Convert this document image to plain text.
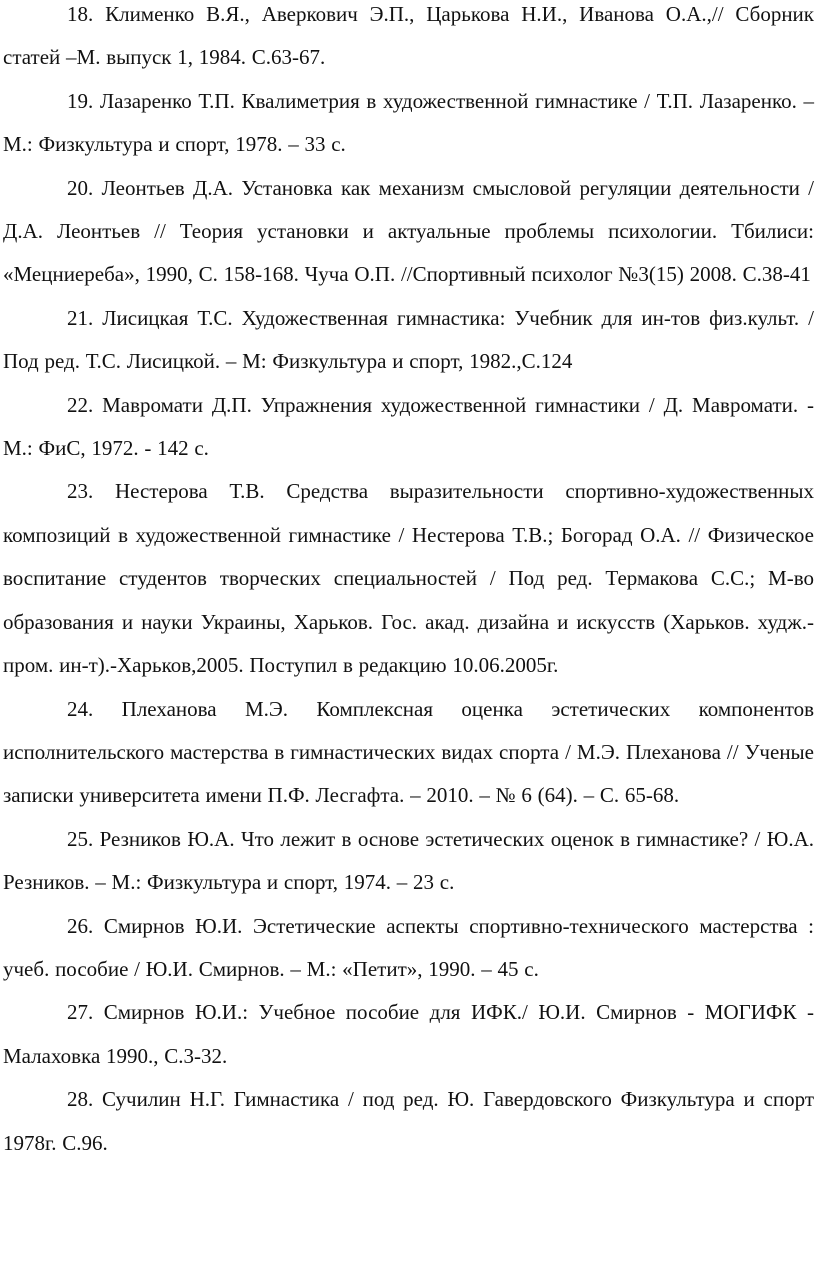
18. Клименко В.Я., Аверкович Э.П., Царькова Н.И., Иванова О.А.,// Сборник статей –М. выпуск 1, 1984. С.63-67.

19. Лазаренко Т.П. Квалиметрия в художественной гимнастике / Т.П. Лазаренко. – М.: Физкультура и спорт, 1978. – 33 с.

20. Леонтьев Д.А. Установка как механизм смысловой регуляции деятельности / Д.А. Леонтьев // Теория установки и актуальные проблемы психологии. Тбилиси: «Мецниереба», 1990, С. 158-168. Чуча О.П. //Спортивный психолог №3(15) 2008. С.38-41

21. Лисицкая Т.С. Художественная гимнастика: Учебник для ин-тов физ.культ. / Под ред. Т.С. Лисицкой. – М: Физкультура и спорт, 1982.,С.124

22. Мавромати Д.П. Упражнения художественной гимнастики / Д. Мавромати. - М.: ФиС, 1972. - 142 с.

23. Нестерова Т.В. Средства выразительности спортивно-художественных композиций в художественной гимнастике / Нестерова Т.В.; Богорад О.А. // Физическое воспитание студентов творческих специальностей / Под ред. Термакова С.С.; М-во образования и науки Украины, Харьков. Гос. акад. дизайна и искусств (Харьков. худж.-пром. ин-т).-Харьков,2005. Поступил в редакцию 10.06.2005г.

24. Плеханова М.Э. Комплексная оценка эстетических компонентов исполнительского мастерства в гимнастических видах спорта / М.Э. Плеханова // Ученые записки университета имени П.Ф. Лесгафта. – 2010. – № 6 (64). – С. 65-68.

25. Резников Ю.А. Что лежит в основе эстетических оценок в гимнастике? / Ю.А. Резников. – М.: Физкультура и спорт, 1974. – 23 с.

26. Смирнов Ю.И. Эстетические аспекты спортивно-технического мастерства : учеб. пособие / Ю.И. Смирнов. – М.: «Петит», 1990. – 45 с.

27. Смирнов Ю.И.: Учебное пособие для ИФК./ Ю.И. Смирнов - МОГИФК - Малаховка 1990., С.3-32.

28. Сучилин Н.Г. Гимнастика / под ред. Ю. Гавердовского Физкультура и спорт 1978г. С.96.
